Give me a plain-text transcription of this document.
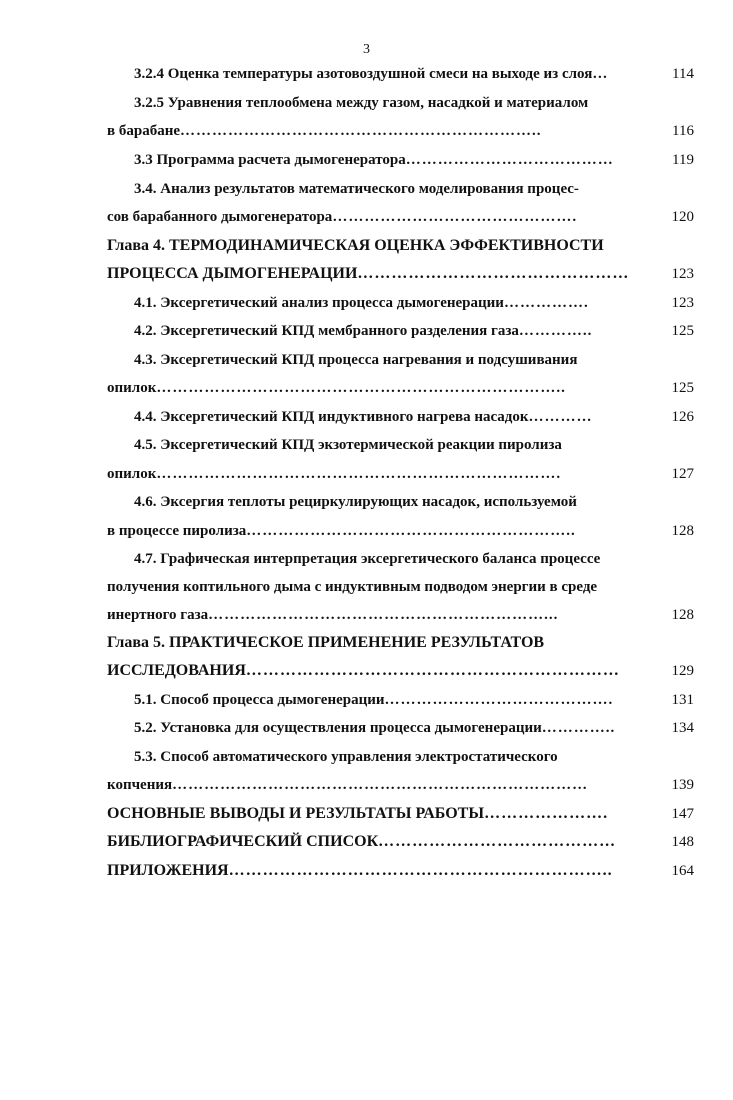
3
3.2.4 Оценка температуры азотовоздушной смеси на выходе из слоя…	114
3.2.5 Уравнения теплообмена между газом, насадкой и материалом
в барабане…………………………………………………………..	116
3.3 Программа расчета дымогенератора…………………………………	119
3.4. Анализ результатов математического моделирования процес-
сов барабанного дымогенератора……………………………………….	120
Глава 4. ТЕРМОДИНАМИЧЕСКАЯ ОЦЕНКА ЭФФЕКТИВНОСТИ
ПРОЦЕССА ДЫМОГЕНЕРАЦИИ…………………………………………	123
4.1. Эксергетический анализ процесса дымогенерации…………….	123
4.2. Эксергетический КПД мембранного разделения газа…………..	125
4.3. Эксергетический КПД процесса нагревания и подсушивания
опилок…………………………………………………………………..	125
4.4. Эксергетический КПД индуктивного нагрева насадок…………	126
4.5. Эксергетический КПД экзотермической реакции пиролиза
опилок………………………………………………………………….	127
4.6. Эксергия теплоты рециркулирующих насадок, используемой
в процессе пиролиза……………………………………………………..	128
4.7. Графическая интерпретация эксергетического баланса процессе
получения коптильного дыма с индуктивным подводом энергии в среде
инертного газа………………………………………………………...	128
Глава 5. ПРАКТИЧЕСКОЕ ПРИМЕНЕНИЕ РЕЗУЛЬТАТОВ
ИССЛЕДОВАНИЯ…………………………………………………………	129
5.1. Способ процесса дымогенерации…………………………………….	131
5.2. Установка для осуществления процесса дымогенерации…………..	134
5.3. Способ автоматического управления электростатического
копчения……………………………………………………………………	139
ОСНОВНЫЕ ВЫВОДЫ И РЕЗУЛЬТАТЫ РАБОТЫ………………….	147
БИБЛИОГРАФИЧЕСКИЙ СПИСОК……………………………………	148
ПРИЛОЖЕНИЯ…………………………………………………………..	164
